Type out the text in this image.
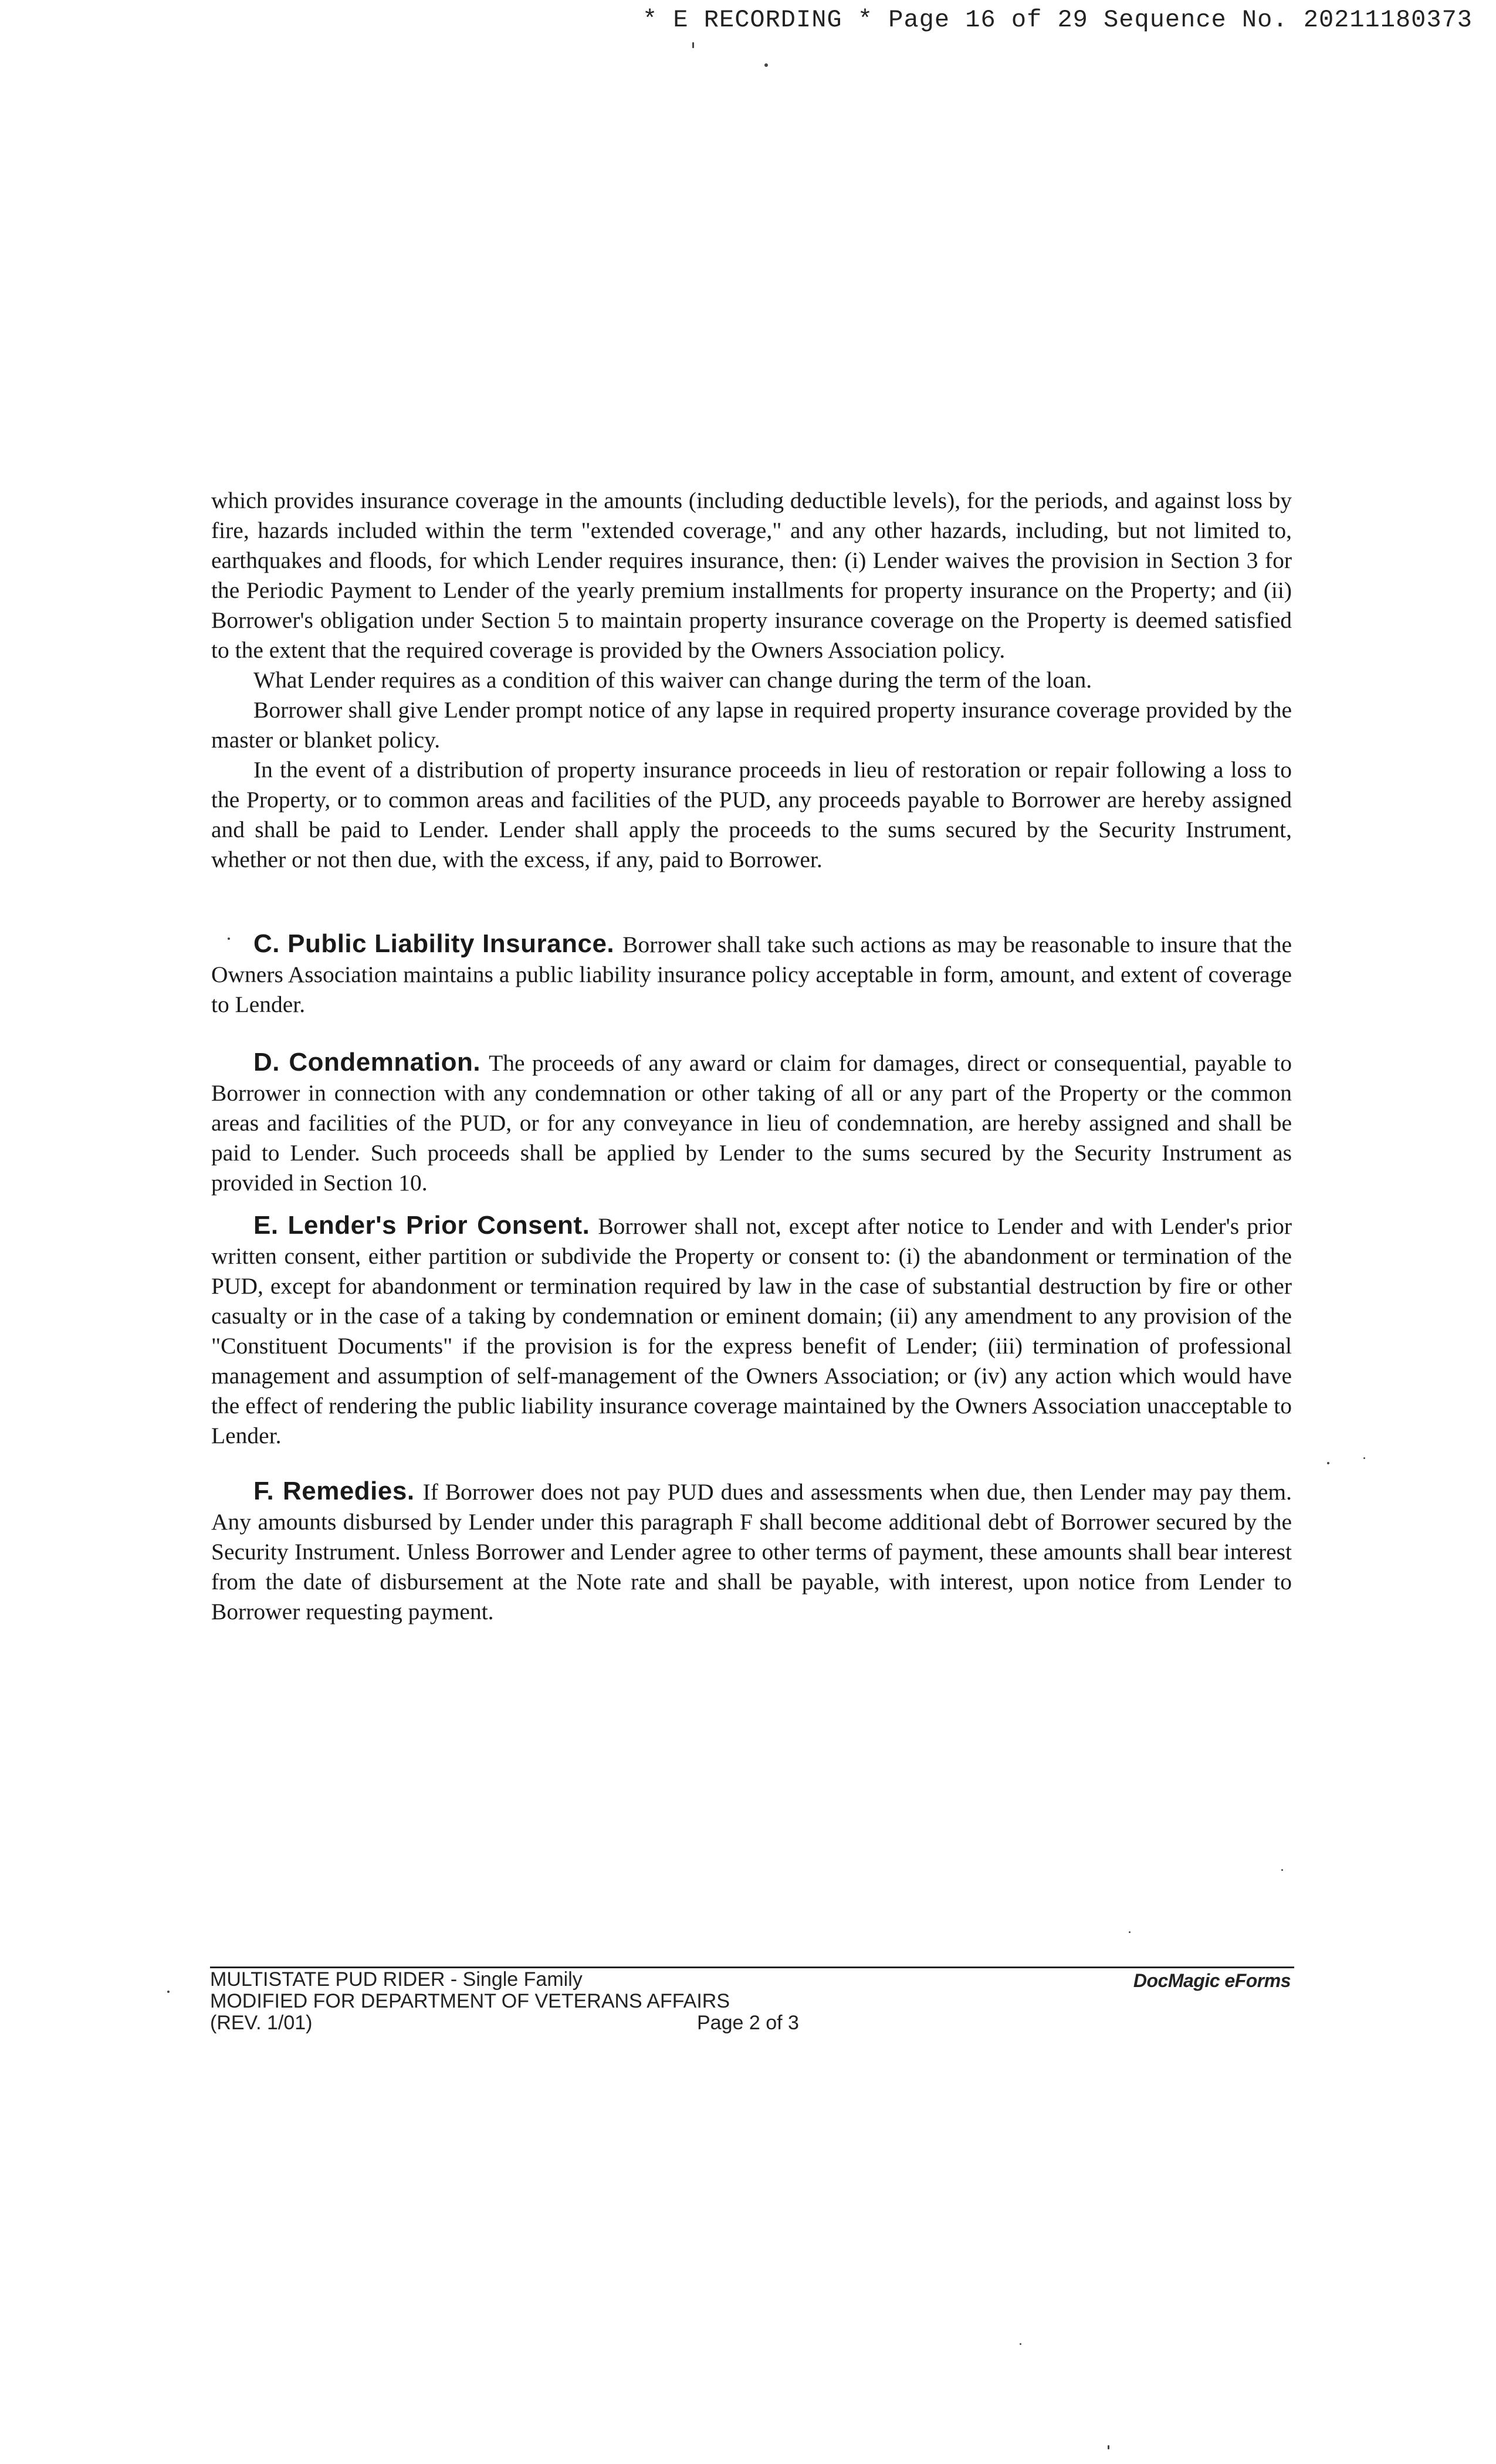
* E RECORDING * Page 16 of 29 Sequence No. 20211180373

which provides insurance coverage in the amounts (including deductible levels), for the periods, and against loss by fire, hazards included within the term "extended coverage," and any other hazards, including, but not limited to, earthquakes and floods, for which Lender requires insurance, then: (i) Lender waives the provision in Section 3 for the Periodic Payment to Lender of the yearly premium installments for property insurance on the Property; and (ii) Borrower's obligation under Section 5 to maintain property insurance coverage on the Property is deemed satisfied to the extent that the required coverage is provided by the Owners Association policy.

What Lender requires as a condition of this waiver can change during the term of the loan.

Borrower shall give Lender prompt notice of any lapse in required property insurance coverage provided by the master or blanket policy.

In the event of a distribution of property insurance proceeds in lieu of restoration or repair following a loss to the Property, or to common areas and facilities of the PUD, any proceeds payable to Borrower are hereby assigned and shall be paid to Lender. Lender shall apply the proceeds to the sums secured by the Security Instrument, whether or not then due, with the excess, if any, paid to Borrower.

C. Public Liability Insurance. Borrower shall take such actions as may be reasonable to insure that the Owners Association maintains a public liability insurance policy acceptable in form, amount, and extent of coverage to Lender.

D. Condemnation. The proceeds of any award or claim for damages, direct or consequential, payable to Borrower in connection with any condemnation or other taking of all or any part of the Property or the common areas and facilities of the PUD, or for any conveyance in lieu of condemnation, are hereby assigned and shall be paid to Lender. Such proceeds shall be applied by Lender to the sums secured by the Security Instrument as provided in Section 10.

E. Lender's Prior Consent. Borrower shall not, except after notice to Lender and with Lender's prior written consent, either partition or subdivide the Property or consent to: (i) the abandonment or termination of the PUD, except for abandonment or termination required by law in the case of substantial destruction by fire or other casualty or in the case of a taking by condemnation or eminent domain; (ii) any amendment to any provision of the "Constituent Documents" if the provision is for the express benefit of Lender; (iii) termination of professional management and assumption of self-management of the Owners Association; or (iv) any action which would have the effect of rendering the public liability insurance coverage maintained by the Owners Association unacceptable to Lender.

F. Remedies. If Borrower does not pay PUD dues and assessments when due, then Lender may pay them. Any amounts disbursed by Lender under this paragraph F shall become additional debt of Borrower secured by the Security Instrument. Unless Borrower and Lender agree to other terms of payment, these amounts shall bear interest from the date of disbursement at the Note rate and shall be payable, with interest, upon notice from Lender to Borrower requesting payment.

MULTISTATE PUD RIDER - Single Family
MODIFIED FOR DEPARTMENT OF VETERANS AFFAIRS
(REV. 1/01)	Page 2 of 3
DocMagic eForms
